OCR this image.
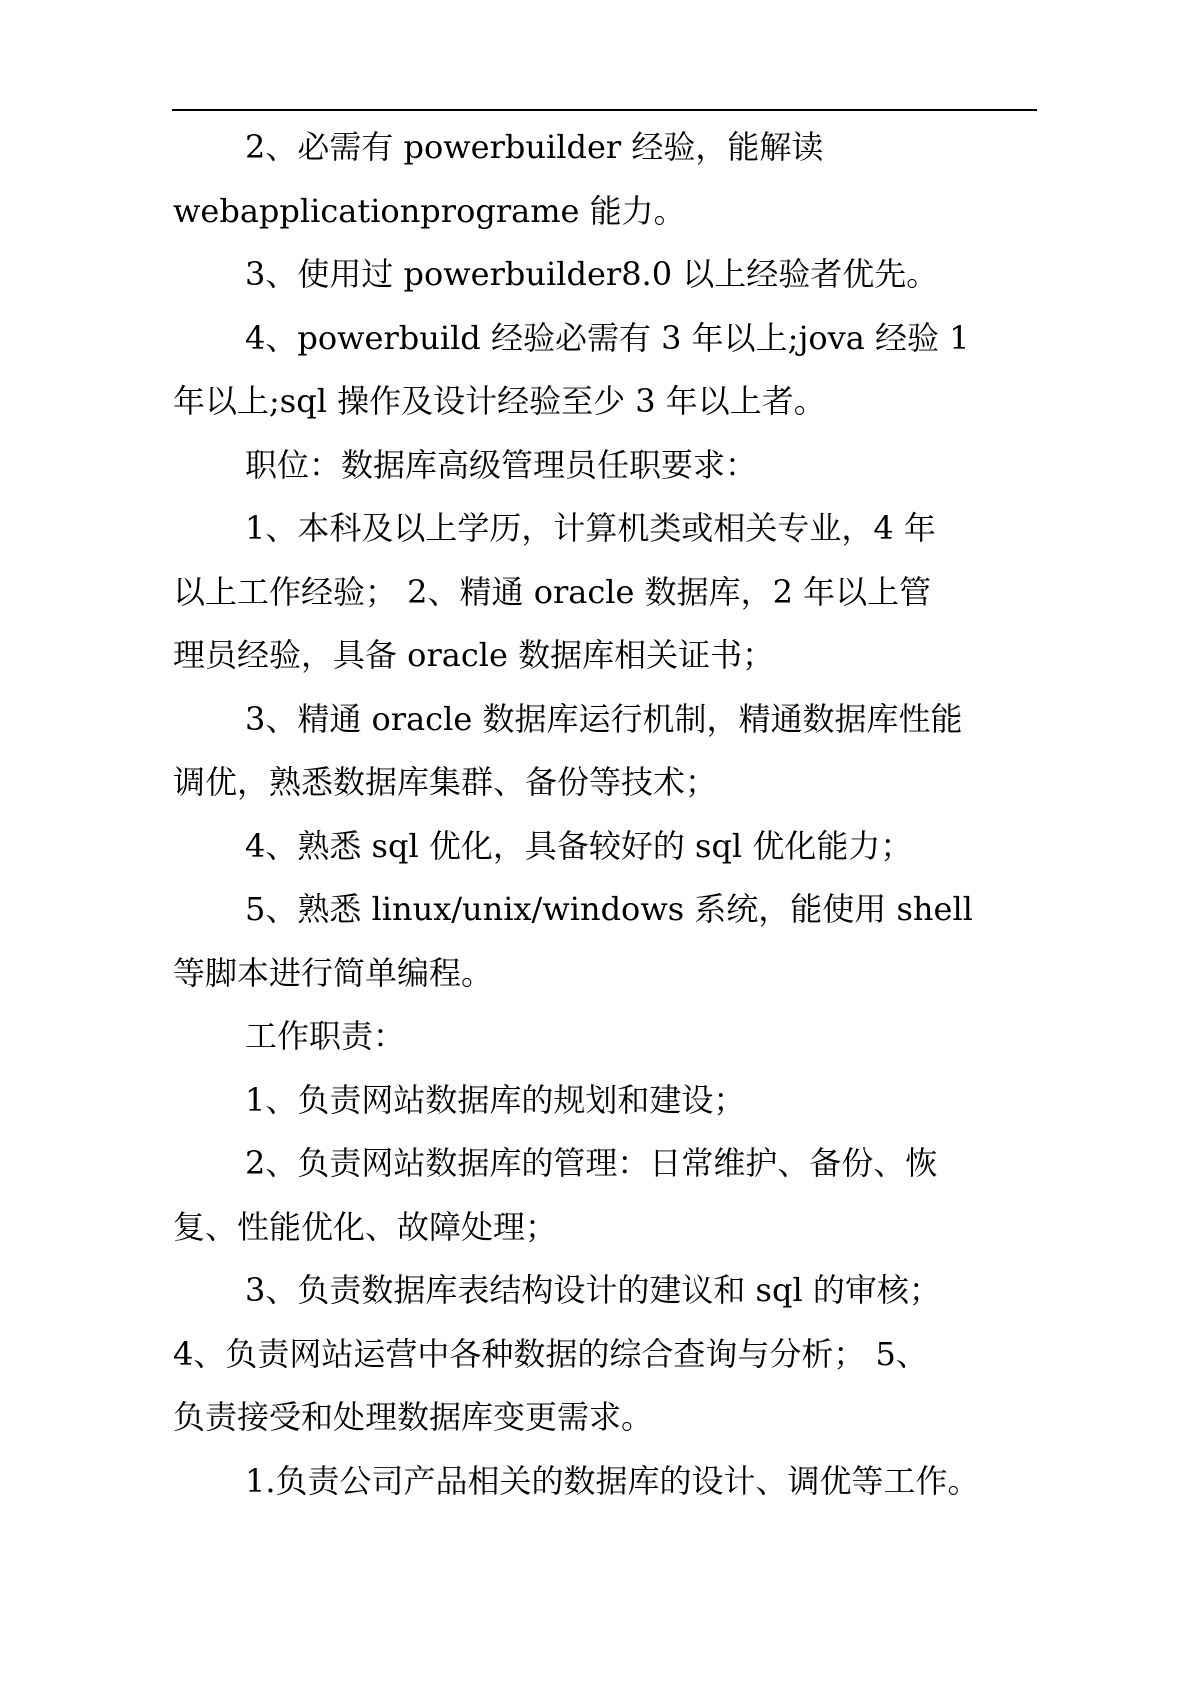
2、必需有 powerbuilder 经验，能解读
webapplicationprograme 能力。
3、使用过 powerbuilder8.0 以上经验者优先。
4、powerbuild 经验必需有 3 年以上;jova 经验 1
年以上;sql 操作及设计经验至少 3 年以上者。
职位：数据库高级管理员任职要求：
1、本科及以上学历，计算机类或相关专业，4 年
以上工作经验； 2、精通 oracle 数据库，2 年以上管
理员经验，具备 oracle 数据库相关证书；
3、精通 oracle 数据库运行机制，精通数据库性能
调优，熟悉数据库集群、备份等技术；
4、熟悉 sql 优化，具备较好的 sql 优化能力；
5、熟悉 linux/unix/windows 系统，能使用 shell
等脚本进行简单编程。
工作职责：
1、负责网站数据库的规划和建设；
2、负责网站数据库的管理：日常维护、备份、恢
复、性能优化、故障处理；
3、负责数据库表结构设计的建议和 sql 的审核；
4、负责网站运营中各种数据的综合查询与分析； 5、
负责接受和处理数据库变更需求。
1.负责公司产品相关的数据库的设计、调优等工作。
